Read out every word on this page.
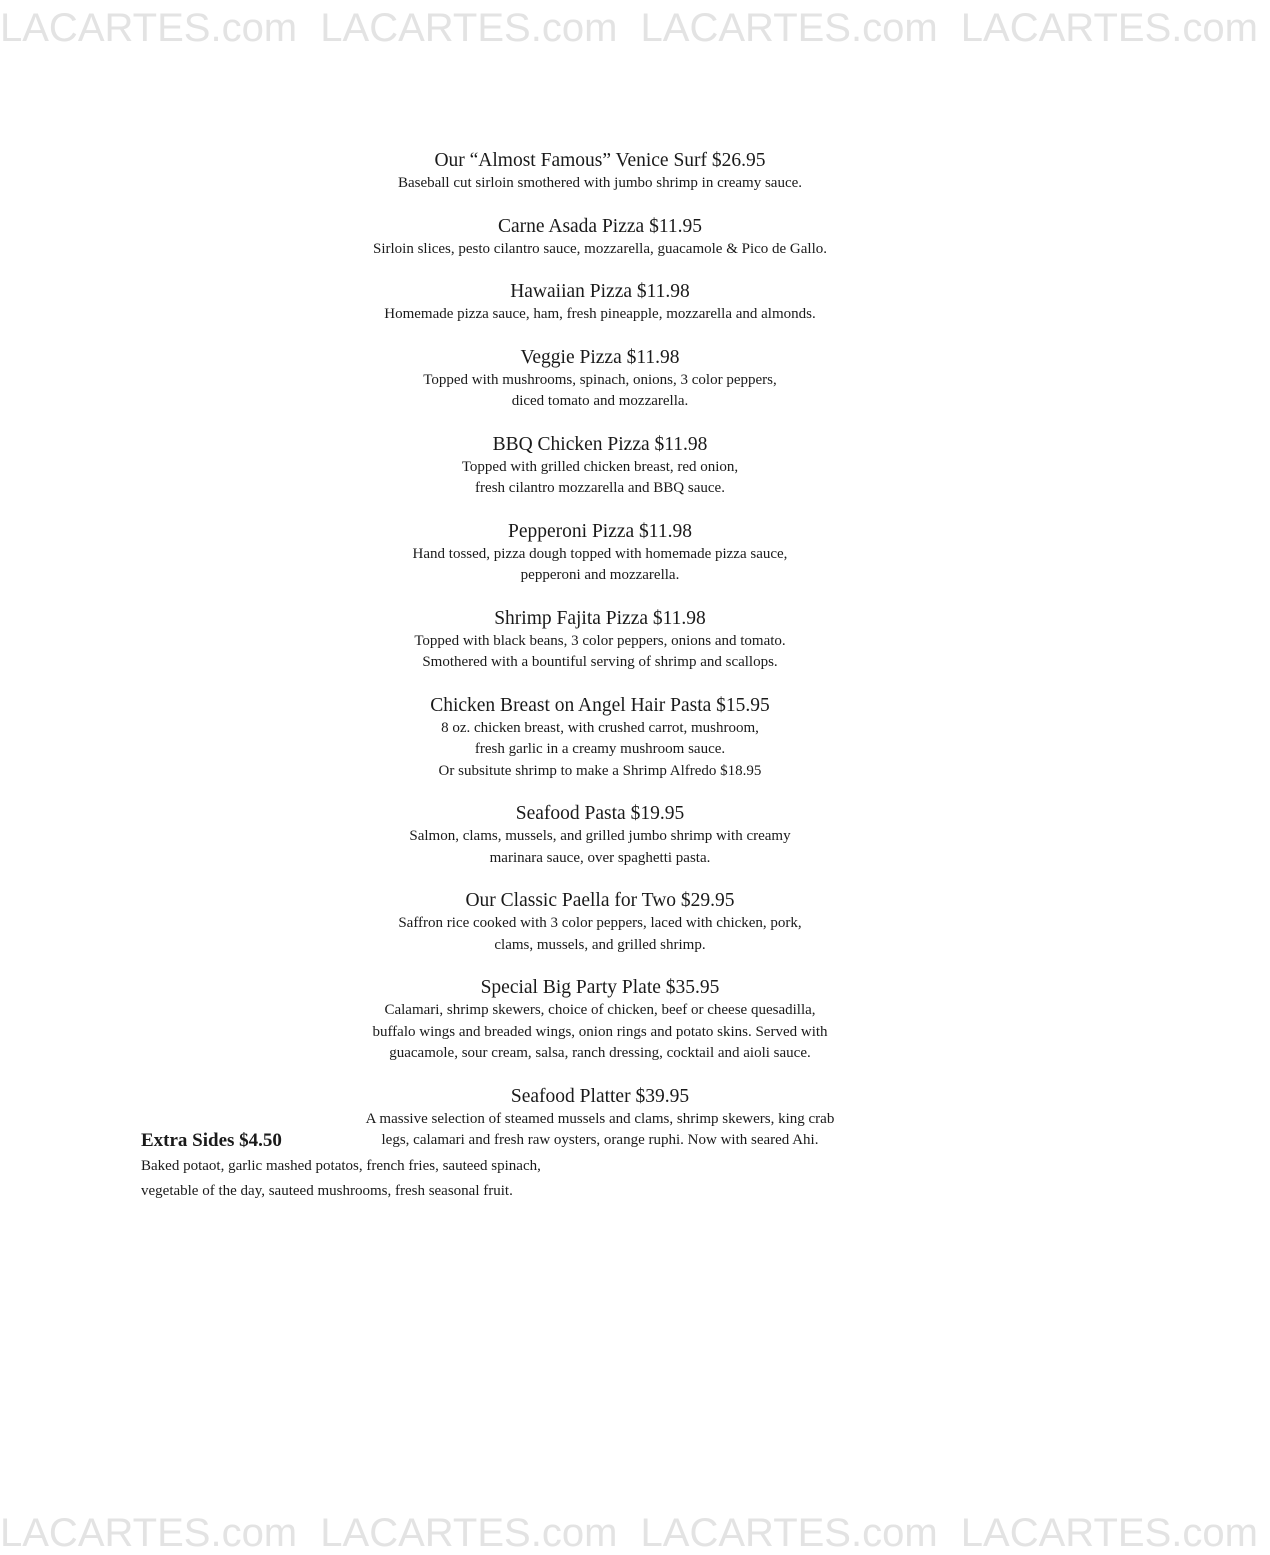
LACARTES.com LACARTES.com LACARTES.com LACARTES.com
Our “Almost Famous” Venice Surf $26.95
Baseball cut sirloin smothered with jumbo shrimp in creamy sauce.
Carne Asada Pizza $11.95
Sirloin slices, pesto cilantro sauce, mozzarella, guacamole & Pico de Gallo.
Hawaiian Pizza $11.98
Homemade pizza sauce, ham, fresh pineapple, mozzarella and almonds.
Veggie Pizza $11.98
Topped with mushrooms, spinach, onions, 3 color peppers,
diced tomato and mozzarella.
BBQ Chicken Pizza $11.98
Topped with grilled chicken breast, red onion,
fresh cilantro mozzarella and BBQ sauce.
Pepperoni Pizza $11.98
Hand tossed, pizza dough topped with homemade pizza sauce,
pepperoni and mozzarella.
Shrimp Fajita Pizza $11.98
Topped with black beans, 3 color peppers, onions and tomato.
Smothered with a bountiful serving of shrimp and scallops.
Chicken Breast on Angel Hair Pasta $15.95
8 oz. chicken breast, with crushed carrot, mushroom,
fresh garlic in a creamy mushroom sauce.
Or subsitute shrimp to make a Shrimp Alfredo $18.95
Seafood Pasta $19.95
Salmon, clams, mussels, and grilled jumbo shrimp with creamy
marinara sauce, over spaghetti pasta.
Our Classic Paella for Two $29.95
Saffron rice cooked with 3 color peppers, laced with chicken, pork,
clams, mussels, and grilled shrimp.
Special Big Party Plate $35.95
Calamari, shrimp skewers, choice of chicken, beef or cheese quesadilla,
buffalo wings and breaded wings, onion rings and potato skins. Served with
guacamole, sour cream, salsa, ranch dressing, cocktail and aioli sauce.
Seafood Platter $39.95
A massive selection of steamed mussels and clams, shrimp skewers, king crab
legs, calamari and fresh raw oysters, orange ruphi. Now with seared Ahi.
Extra Sides $4.50
Baked potaot, garlic mashed potatos, french fries, sauteed spinach,
vegetable of the day, sauteed mushrooms, fresh seasonal fruit.
LACARTES.com LACARTES.com LACARTES.com LACARTES.com
